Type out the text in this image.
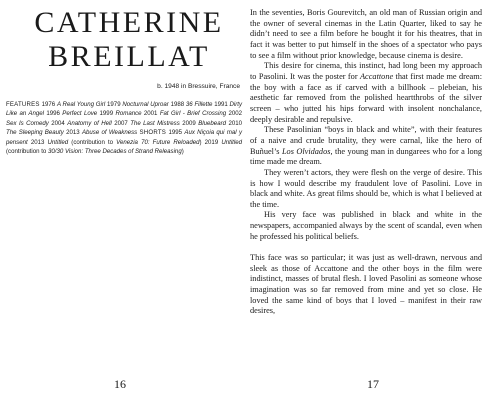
CATHERINE BREILLAT
b. 1948 in Bressuire, France
FEATURES 1976 A Real Young Girl 1979 Nocturnal Uproar 1988 36 Fillette 1991 Dirty Like an Angel 1996 Perfect Love 1999 Romance 2001 Fat Girl - Brief Crossing 2002 Sex Is Comedy 2004 Anatomy of Hell 2007 The Last Mistress 2009 Bluebeard 2010 The Sleeping Beauty 2013 Abuse of Weakness SHORTS 1995 Aux Niçoia qui mal y pensent 2013 Untitled (contribution to Venezia 70: Future Reloaded) 2019 Untitled (contribution to 30/30 Vision: Three Decades of Strand Releasing)
16

In the seventies, Boris Gourevitch, an old man of Russian origin and the owner of several cinemas in the Latin Quarter, liked to say he didn’t need to see a film before he bought it for his theatres, that in fact it was better to put himself in the shoes of a spectator who pays to see a film without prior knowledge, because cinema is desire.

This desire for cinema, this instinct, had long been my approach to Pasolini. It was the poster for Accattone that first made me dream: the boy with a face as if carved with a billhook – plebeian, his aesthetic far removed from the polished heartthrobs of the silver screen – who jutted his hips forward with insolent nonchalance, deeply desirable and repulsive.

These Pasolinian “boys in black and white”, with their features of a naive and crude brutality, they were carnal, like the hero of Buñuel’s Los Olvidados, the young man in dungarees who for a long time made me dream.

They weren’t actors, they were flesh on the verge of desire. This is how I would describe my fraudulent love of Pasolini. Love in black and white. As great films should be, which is what I believed at the time.

His very face was published in black and white in the newspapers, accompanied always by the scent of scandal, even when he professed his political beliefs.

This face was so particular; it was just as well-drawn, nervous and sleek as those of Accattone and the other boys in the film were indistinct, masses of brutal flesh. I loved Pasolini as someone whose imagination was so far removed from mine and yet so close. He loved the same kind of boys that I loved – manifest in their raw desires,

17
